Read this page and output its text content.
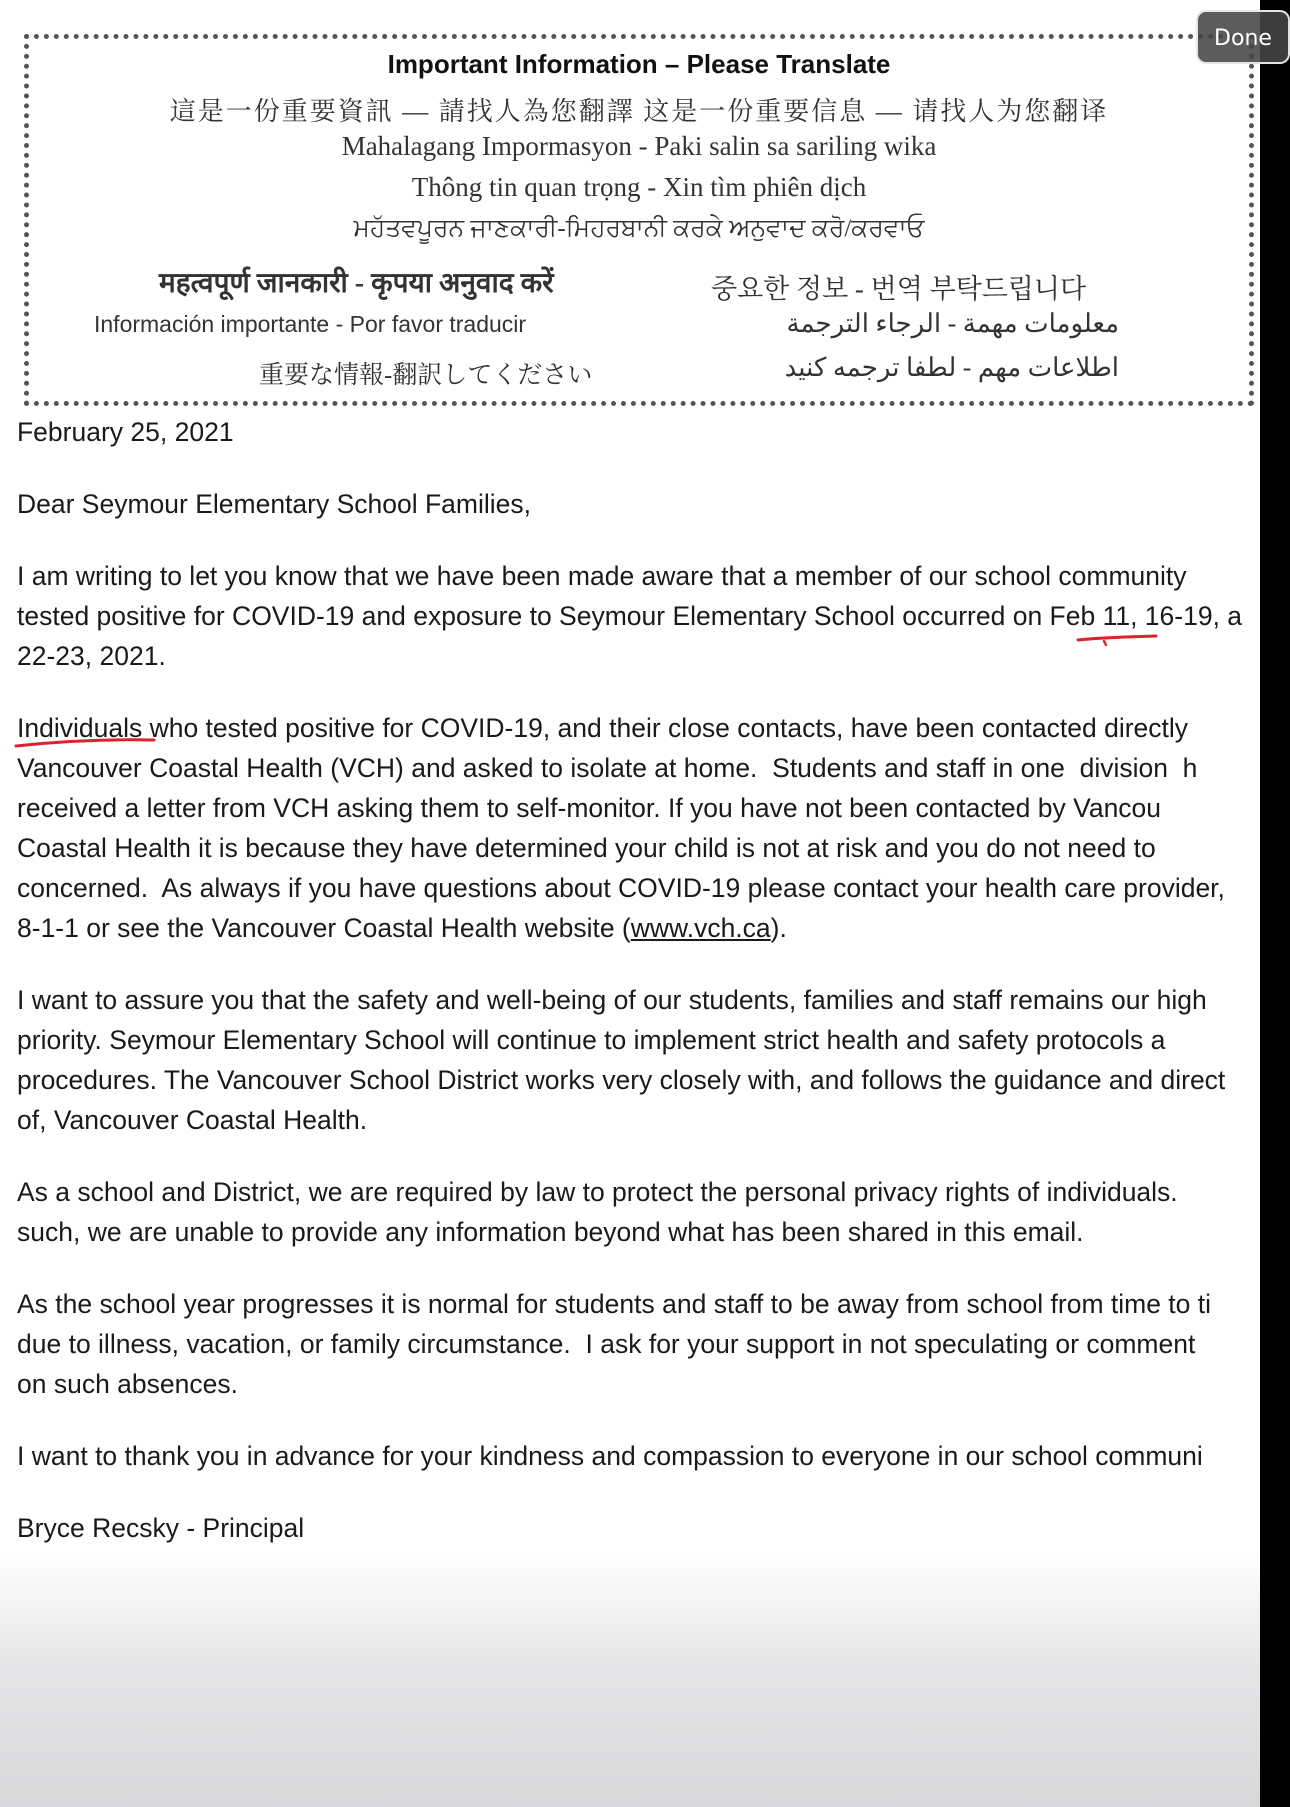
Important Information – Please Translate
這是一份重要資訊 — 請找人為您翻譯 这是一份重要信息 — 请找人为您翻译
Mahalagang Impormasyon - Paki salin sa sariling wika
Thông tin quan trọng - Xin tìm phiên dịch
ਮਹੱਤਵਪੂਰਨ ਜਾਣਕਾਰੀ-ਮਿਹਰਬਾਨੀ ਕਰਕੇ ਅਨੁਵਾਦ ਕਰੋ/ਕਰਵਾਓ
महत्वपूर्ण जानकारी - कृपया अनुवाद करें	중요한 정보 - 번역 부탁드립니다
Información importante - Por favor traducir	معلومات مهمة - الرجاء الترجمة
重要な情報-翻訳してください	اطلاعات مهم - لطفا ترجمه کنید

February 25, 2021

Dear Seymour Elementary School Families,

I am writing to let you know that we have been made aware that a member of our school community
tested positive for COVID-19 and exposure to Seymour Elementary School occurred on Feb 11, 16-19, a
22-23, 2021.

Individuals who tested positive for COVID-19, and their close contacts, have been contacted directly
Vancouver Coastal Health (VCH) and asked to isolate at home.  Students and staff in one  division  h
received a letter from VCH asking them to self-monitor. If you have not been contacted by Vancou
Coastal Health it is because they have determined your child is not at risk and you do not need to
concerned.  As always if you have questions about COVID-19 please contact your health care provider,
8-1-1 or see the Vancouver Coastal Health website (www.vch.ca).

I want to assure you that the safety and well-being of our students, families and staff remains our high
priority. Seymour Elementary School will continue to implement strict health and safety protocols a
procedures. The Vancouver School District works very closely with, and follows the guidance and direct
of, Vancouver Coastal Health.

As a school and District, we are required by law to protect the personal privacy rights of individuals.
such, we are unable to provide any information beyond what has been shared in this email.

As the school year progresses it is normal for students and staff to be away from school from time to ti
due to illness, vacation, or family circumstance.  I ask for your support in not speculating or comment
on such absences.

I want to thank you in advance for your kindness and compassion to everyone in our school communi

Bryce Recsky - Principal

Done
